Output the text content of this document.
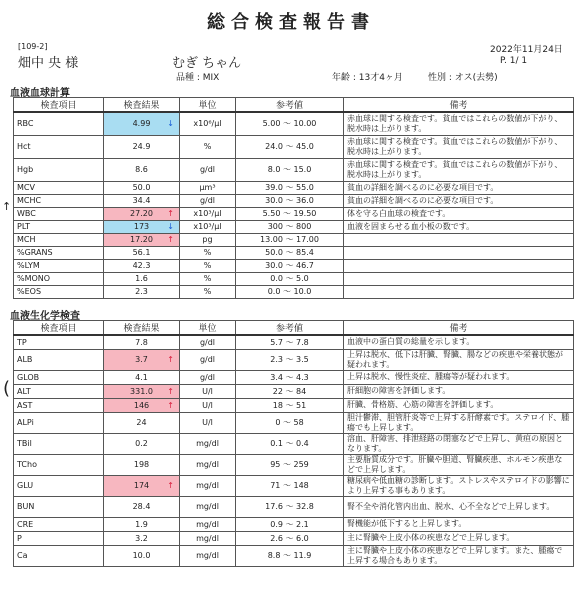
総合検査報告書
[109-2]	2022年11月24日
畑中 央 様	むぎ ちゃん	P. 1/ 1
品種 : MIX	年齢 : 13才4ヶ月	性別 : オス(去勢)
血液血球計算
検査項目	検査結果	単位	参考値	備考
RBC	4.99 ↓	x10⁶/μl	5.00 ～ 10.00	赤血球に関する検査です。貧血ではこれらの数値が下がり、脱水時は上がります。
Hct	24.9	%	24.0 ～ 45.0	赤血球に関する検査です。貧血ではこれらの数値が下がり、脱水時は上がります。
Hgb	8.6	g/dl	8.0 ～ 15.0	赤血球に関する検査です。貧血ではこれらの数値が下がり、脱水時は上がります。
MCV	50.0	μm³	39.0 ～ 55.0	貧血の詳細を調べるのに必要な項目です。
MCHC	34.4	g/dl	30.0 ～ 36.0	貧血の詳細を調べるのに必要な項目です。
WBC	27.20 ↑	x10³/μl	5.50 ～ 19.50	体を守る白血球の検査です。
PLT	173 ↓	x10³/μl	300 ～ 800	血液を固まらせる血小板の数です。
MCH	17.20 ↑	pg	13.00 ～ 17.00	
%GRANS	56.1	%	50.0 ～ 85.4	
%LYM	42.3	%	30.0 ～ 46.7	
%MONO	1.6	%	0.0 ～ 5.0	
%EOS	2.3	%	0.0 ～ 10.0	
血液生化学検査
検査項目	検査結果	単位	参考値	備考
TP	7.8	g/dl	5.7 ～ 7.8	血液中の蛋白質の総量を示します。
ALB	3.7 ↑	g/dl	2.3 ～ 3.5	上昇は脱水、低下は肝臓、腎臓、腸などの疾患や栄養状態が疑われます。
GLOB	4.1	g/dl	3.4 ～ 4.3	上昇は脱水、慢性炎症、腫瘍等が疑われます。
ALT	331.0 ↑	U/l	22 ～ 84	肝細胞の障害を評価します。
AST	146 ↑	U/l	18 ～ 51	肝臓、骨格筋、心筋の障害を評価します。
ALPi	24	U/l	0 ～ 58	胆汁鬱滞、胆管肝炎等で上昇する肝酵素です。ステロイド、腫瘍でも上昇します。
TBil	0.2	mg/dl	0.1 ～ 0.4	溶血、肝障害、排泄経路の閉塞などで上昇し、黄疸の原因となります。
TCho	198	mg/dl	95 ～ 259	主要脂質成分です。肝臓や胆道、腎臓疾患、ホルモン疾患などで上昇します。
GLU	174 ↑	mg/dl	71 ～ 148	糖尿病や低血糖の診断します。ストレスやステロイドの影響により上昇する事もあります。
BUN	28.4	mg/dl	17.6 ～ 32.8	腎不全や消化管内出血、脱水、心不全などで上昇します。
CRE	1.9	mg/dl	0.9 ～ 2.1	腎機能が低下すると上昇します。
P	3.2	mg/dl	2.6 ～ 6.0	主に腎臓や上皮小体の疾患などで上昇します。
Ca	10.0	mg/dl	8.8 ～ 11.9	主に腎臓や上皮小体の疾患などで上昇します。また、腫瘍で上昇する場合もあります。
↑
(
